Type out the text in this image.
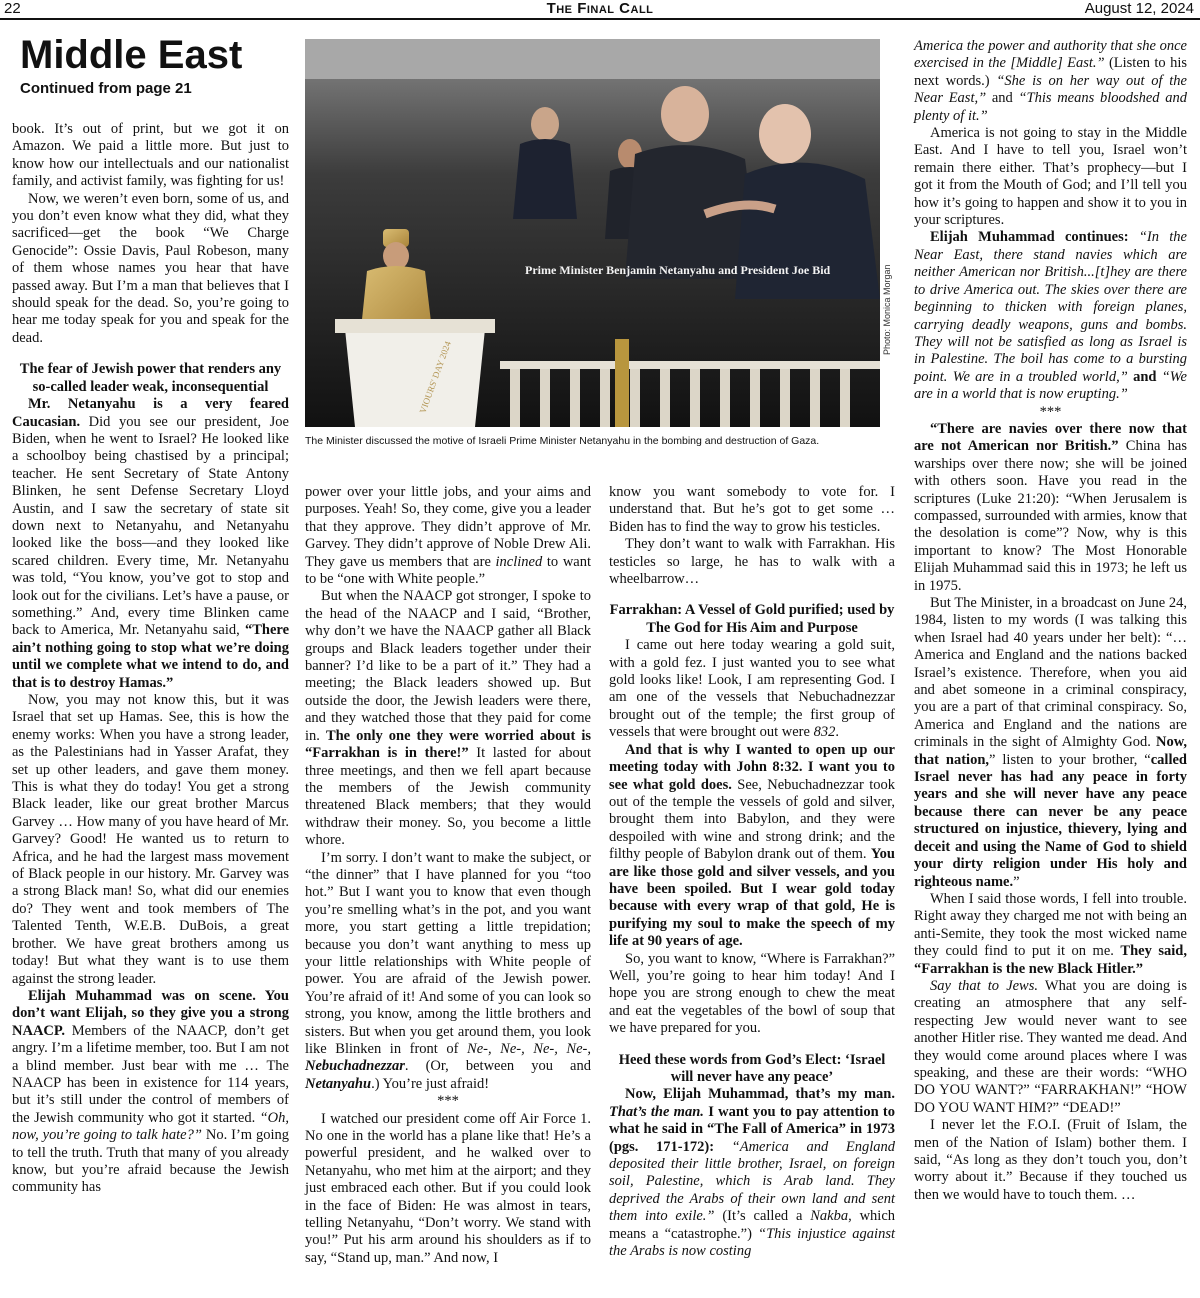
22	The Final Call	August 12, 2024
Middle East
Continued from page 21
Prime Minister Benjamin Netanyahu and President Joe Bid
VIOURS' DAY 2024
Photo: Monica Morgan
The Minister discussed the motive of Israeli Prime Minister Netanyahu in the bombing and destruction of Gaza.

book. It’s out of print, but we got it on Amazon. We paid a little more. But just to know how our intellectuals and our nationalist family, and activist family, was fighting for us!

Now, we weren’t even born, some of us, and you don’t even know what they did, what they sacrificed—get the book “We Charge Genocide”: Ossie Davis, Paul Robeson, many of them whose names you hear that have passed away. But I’m a man that believes that I should speak for the dead. So, you’re going to hear me today speak for you and speak for the dead.

The fear of Jewish power that renders any so-called leader weak, inconsequential

Mr. Netanyahu is a very feared Caucasian. Did you see our president, Joe Biden, when he went to Israel? He looked like a schoolboy being chastised by a principal; teacher. He sent Secretary of State Antony Blinken, he sent Defense Secretary Lloyd Austin, and I saw the secretary of state sit down next to Netanyahu, and Netanyahu looked like the boss—and they looked like scared children. Every time, Mr. Netanyahu was told, “You know, you’ve got to stop and look out for the civilians. Let’s have a pause, or something.” And, every time Blinken came back to America, Mr. Netanyahu said, “There ain’t nothing going to stop what we’re doing until we complete what we intend to do, and that is to destroy Hamas.”

Now, you may not know this, but it was Israel that set up Hamas. See, this is how the enemy works: When you have a strong leader, as the Palestinians had in Yasser Arafat, they set up other leaders, and gave them money. This is what they do today! You get a strong Black leader, like our great brother Marcus Garvey … How many of you have heard of Mr. Garvey? Good! He wanted us to return to Africa, and he had the largest mass movement of Black people in our history. Mr. Garvey was a strong Black man! So, what did our enemies do? They went and took members of The Talented Tenth, W.E.B. DuBois, a great brother. We have great brothers among us today! But what they want is to use them against the strong leader.

Elijah Muhammad was on scene. You don’t want Elijah, so they give you a strong NAACP. Members of the NAACP, don’t get angry. I’m a lifetime member, too. But I am not a blind member. Just bear with me … The NAACP has been in existence for 114 years, but it’s still under the control of members of the Jewish community who got it started. “Oh, now, you’re going to talk hate?” No. I’m going to tell the truth. Truth that many of you already know, but you’re afraid because the Jewish community has

power over your little jobs, and your aims and purposes. Yeah! So, they come, give you a leader that they approve. They didn’t approve of Mr. Garvey. They didn’t approve of Noble Drew Ali. They gave us members that are inclined to want to be “one with White people.”

But when the NAACP got stronger, I spoke to the head of the NAACP and I said, “Brother, why don’t we have the NAACP gather all Black groups and Black leaders together under their banner? I’d like to be a part of it.” They had a meeting; the Black leaders showed up. But outside the door, the Jewish leaders were there, and they watched those that they paid for come in. The only one they were worried about is “Farrakhan is in there!” It lasted for about three meetings, and then we fell apart because the members of the Jewish community threatened Black members; that they would withdraw their money. So, you become a little whore.

I’m sorry. I don’t want to make the subject, or “the dinner” that I have planned for you “too hot.” But I want you to know that even though you’re smelling what’s in the pot, and you want more, you start getting a little trepidation; because you don’t want anything to mess up your little relationships with White people of power. You are afraid of the Jewish power. You’re afraid of it! And some of you can look so strong, you know, among the little brothers and sisters. But when you get around them, you look like Blinken in front of Ne-, Ne-, Ne-, Ne-, Nebuchadnezzar. (Or, between you and Netanyahu.) You’re just afraid!

***

I watched our president come off Air Force 1. No one in the world has a plane like that! He’s a powerful president, and he walked over to Netanyahu, who met him at the airport; and they just embraced each other. But if you could look in the face of Biden: He was almost in tears, telling Netanyahu, “Don’t worry. We stand with you!” Put his arm around his shoulders as if to say, “Stand up, man.” And now, I

know you want somebody to vote for. I understand that. But he’s got to get some … Biden has to find the way to grow his testicles.

They don’t want to walk with Farrakhan. His testicles so large, he has to walk with a wheelbarrow…

Farrakhan: A Vessel of Gold purified; used by The God for His Aim and Purpose

I came out here today wearing a gold suit, with a gold fez. I just wanted you to see what gold looks like! Look, I am representing God. I am one of the vessels that Nebuchadnezzar brought out of the temple; the first group of vessels that were brought out were 832.

And that is why I wanted to open up our meeting today with John 8:32. I want you to see what gold does. See, Nebuchadnezzar took out of the temple the vessels of gold and silver, brought them into Babylon, and they were despoiled with wine and strong drink; and the filthy people of Babylon drank out of them. You are like those gold and silver vessels, and you have been spoiled. But I wear gold today because with every wrap of that gold, He is purifying my soul to make the speech of my life at 90 years of age.

So, you want to know, “Where is Farrakhan?” Well, you’re going to hear him today! And I hope you are strong enough to chew the meat and eat the vegetables of the bowl of soup that we have prepared for you.

Heed these words from God’s Elect: ‘Israel will never have any peace’

Now, Elijah Muhammad, that’s my man. That’s the man. I want you to pay attention to what he said in “The Fall of America” in 1973 (pgs. 171-172): “America and England deposited their little brother, Israel, on foreign soil, Palestine, which is Arab land. They deprived the Arabs of their own land and sent them into exile.” (It’s called a Nakba, which means a “catastrophe.”) “This injustice against the Arabs is now costing

America the power and authority that she once exercised in the [Middle] East.” (Listen to his next words.) “She is on her way out of the Near East,” and “This means bloodshed and plenty of it.”

America is not going to stay in the Middle East. And I have to tell you, Israel won’t remain there either. That’s prophecy—but I got it from the Mouth of God; and I’ll tell you how it’s going to happen and show it to you in your scriptures.

Elijah Muhammad continues: “In the Near East, there stand navies which are neither American nor British...[t]hey are there to drive America out. The skies over there are beginning to thicken with foreign planes, carrying deadly weapons, guns and bombs. They will not be satisfied as long as Israel is in Palestine. The boil has come to a bursting point. We are in a troubled world,” and “We are in a world that is now erupting.”

***

“There are navies over there now that are not American nor British.” China has warships over there now; she will be joined with others soon. Have you read in the scriptures (Luke 21:20): “When Jerusalem is compassed, surrounded with armies, know that the desolation is come”? Now, why is this important to know? The Most Honorable Elijah Muhammad said this in 1973; he left us in 1975.

But The Minister, in a broadcast on June 24, 1984, listen to my words (I was talking this when Israel had 40 years under her belt): “… America and England and the nations backed Israel’s existence. Therefore, when you aid and abet someone in a criminal conspiracy, you are a part of that criminal conspiracy. So, America and England and the nations are criminals in the sight of Almighty God. Now, that nation,” listen to your brother, “called Israel never has had any peace in forty years and she will never have any peace because there can never be any peace structured on injustice, thievery, lying and deceit and using the Name of God to shield your dirty religion under His holy and righteous name.”

When I said those words, I fell into trouble. Right away they charged me not with being an anti-Semite, they took the most wicked name they could find to put it on me. They said, “Farrakhan is the new Black Hitler.”

Say that to Jews. What you are doing is creating an atmosphere that any self-respecting Jew would never want to see another Hitler rise. They wanted me dead. And they would come around places where I was speaking, and these are their words: “WHO DO YOU WANT?” “FARRAKHAN!” “HOW DO YOU WANT HIM?” “DEAD!”

I never let the F.O.I. (Fruit of Islam, the men of the Nation of Islam) bother them. I said, “As long as they don’t touch you, don’t worry about it.” Because if they touched us then we would have to touch them. …
